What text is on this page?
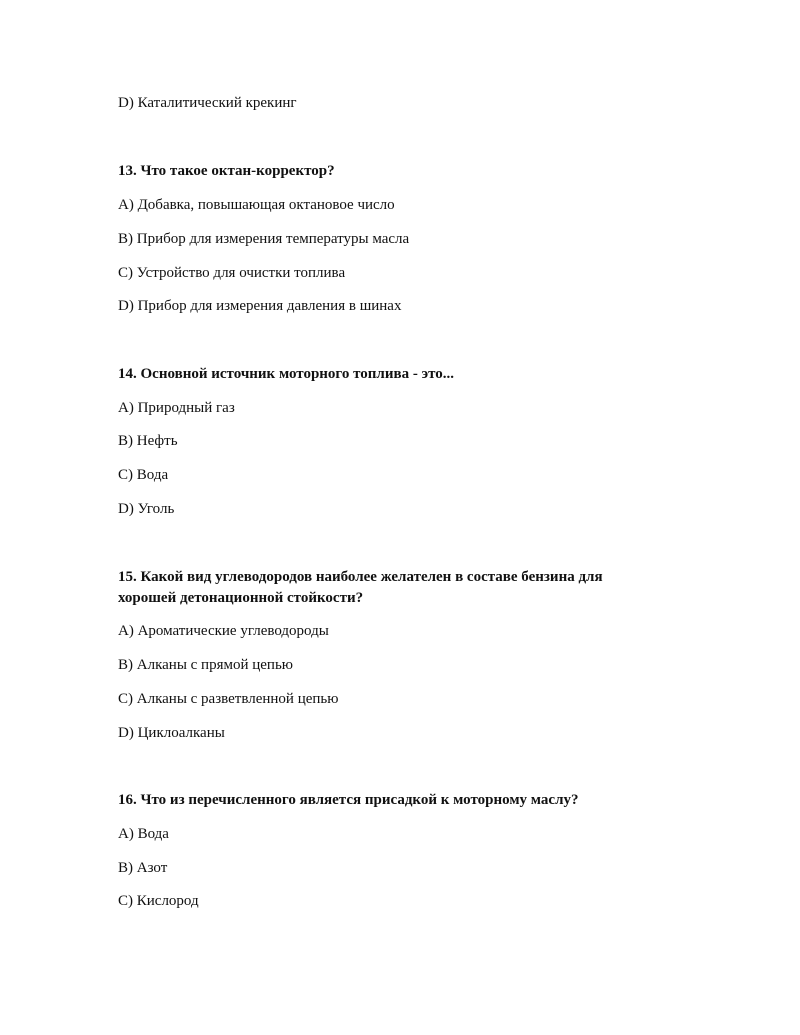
D) Каталитический крекинг
13. Что такое октан-корректор?
A) Добавка, повышающая октановое число
B) Прибор для измерения температуры масла
C) Устройство для очистки топлива
D) Прибор для измерения давления в шинах
14. Основной источник моторного топлива - это...
A) Природный газ
B) Нефть
C) Вода
D) Уголь
15. Какой вид углеводородов наиболее желателен в составе бензина для
хорошей детонационной стойкости?
A) Ароматические углеводороды
B) Алканы с прямой цепью
C) Алканы с разветвленной цепью
D) Циклоалканы
16. Что из перечисленного является присадкой к моторному маслу?
A) Вода
B) Азот
C) Кислород
